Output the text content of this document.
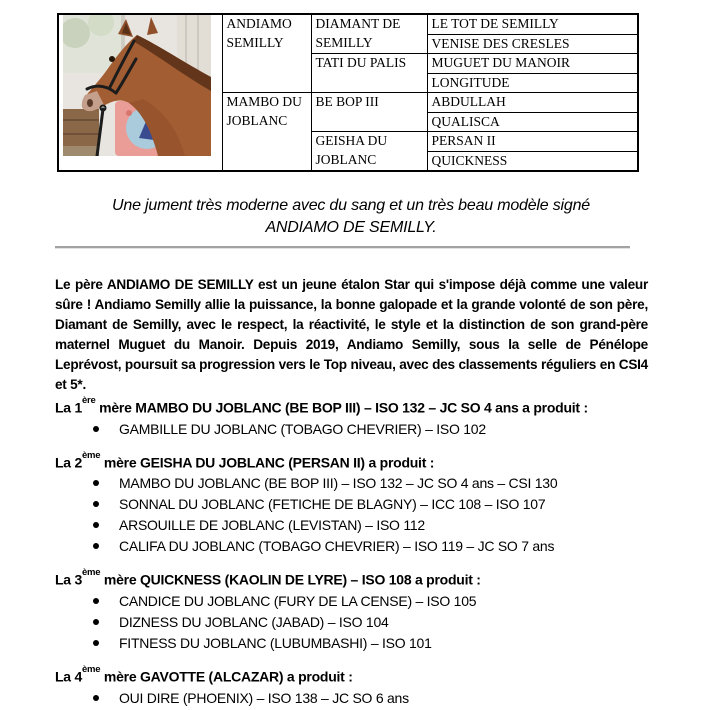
	ANDIAMO SEMILLY	DIAMANT DE SEMILLY	LE TOT DE SEMILLY
			VENISE DES CRESLES
		TATI DU PALIS	MUGUET DU MANOIR
			LONGITUDE
	MAMBO DU JOBLANC	BE BOP III	ABDULLAH
			QUALISCA
		GEISHA DU JOBLANC	PERSAN II
			QUICKNESS
Une jument très moderne avec du sang et un très beau modèle signé
ANDIAMO DE SEMILLY.

Le père ANDIAMO DE SEMILLY est un jeune étalon Star qui s'impose déjà comme une valeur sûre ! Andiamo Semilly allie la puissance, la bonne galopade et la grande volonté de son père, Diamant de Semilly, avec le respect, la réactivité, le style et la distinction de son grand-père maternel Muguet du Manoir. Depuis 2019, Andiamo Semilly, sous la selle de Pénélope Leprévost, poursuit sa progression vers le Top niveau, avec des classements réguliers en CSI4 et 5*.

La 1ère mère MAMBO DU JOBLANC (BE BOP III) – ISO 132 – JC SO 4 ans a produit :
GAMBILLE DU JOBLANC (TOBAGO CHEVRIER) – ISO 102
La 2ème mère GEISHA DU JOBLANC (PERSAN II) a produit :
MAMBO DU JOBLANC (BE BOP III) – ISO 132 – JC SO 4 ans – CSI 130
SONNAL DU JOBLANC (FETICHE DE BLAGNY) – ICC 108 – ISO 107
ARSOUILLE DE JOBLANC (LEVISTAN) – ISO 112
CALIFA DU JOBLANC (TOBAGO CHEVRIER) – ISO 119 – JC SO 7 ans
La 3ème mère QUICKNESS (KAOLIN DE LYRE) – ISO 108 a produit :
CANDICE DU JOBLANC (FURY DE LA CENSE) – ISO 105
DIZNESS DU JOBLANC (JABAD) – ISO 104
FITNESS DU JOBLANC (LUBUMBASHI) – ISO 101
La 4ème mère GAVOTTE (ALCAZAR) a produit :
OUI DIRE (PHOENIX) – ISO 138 – JC SO 6 ans
